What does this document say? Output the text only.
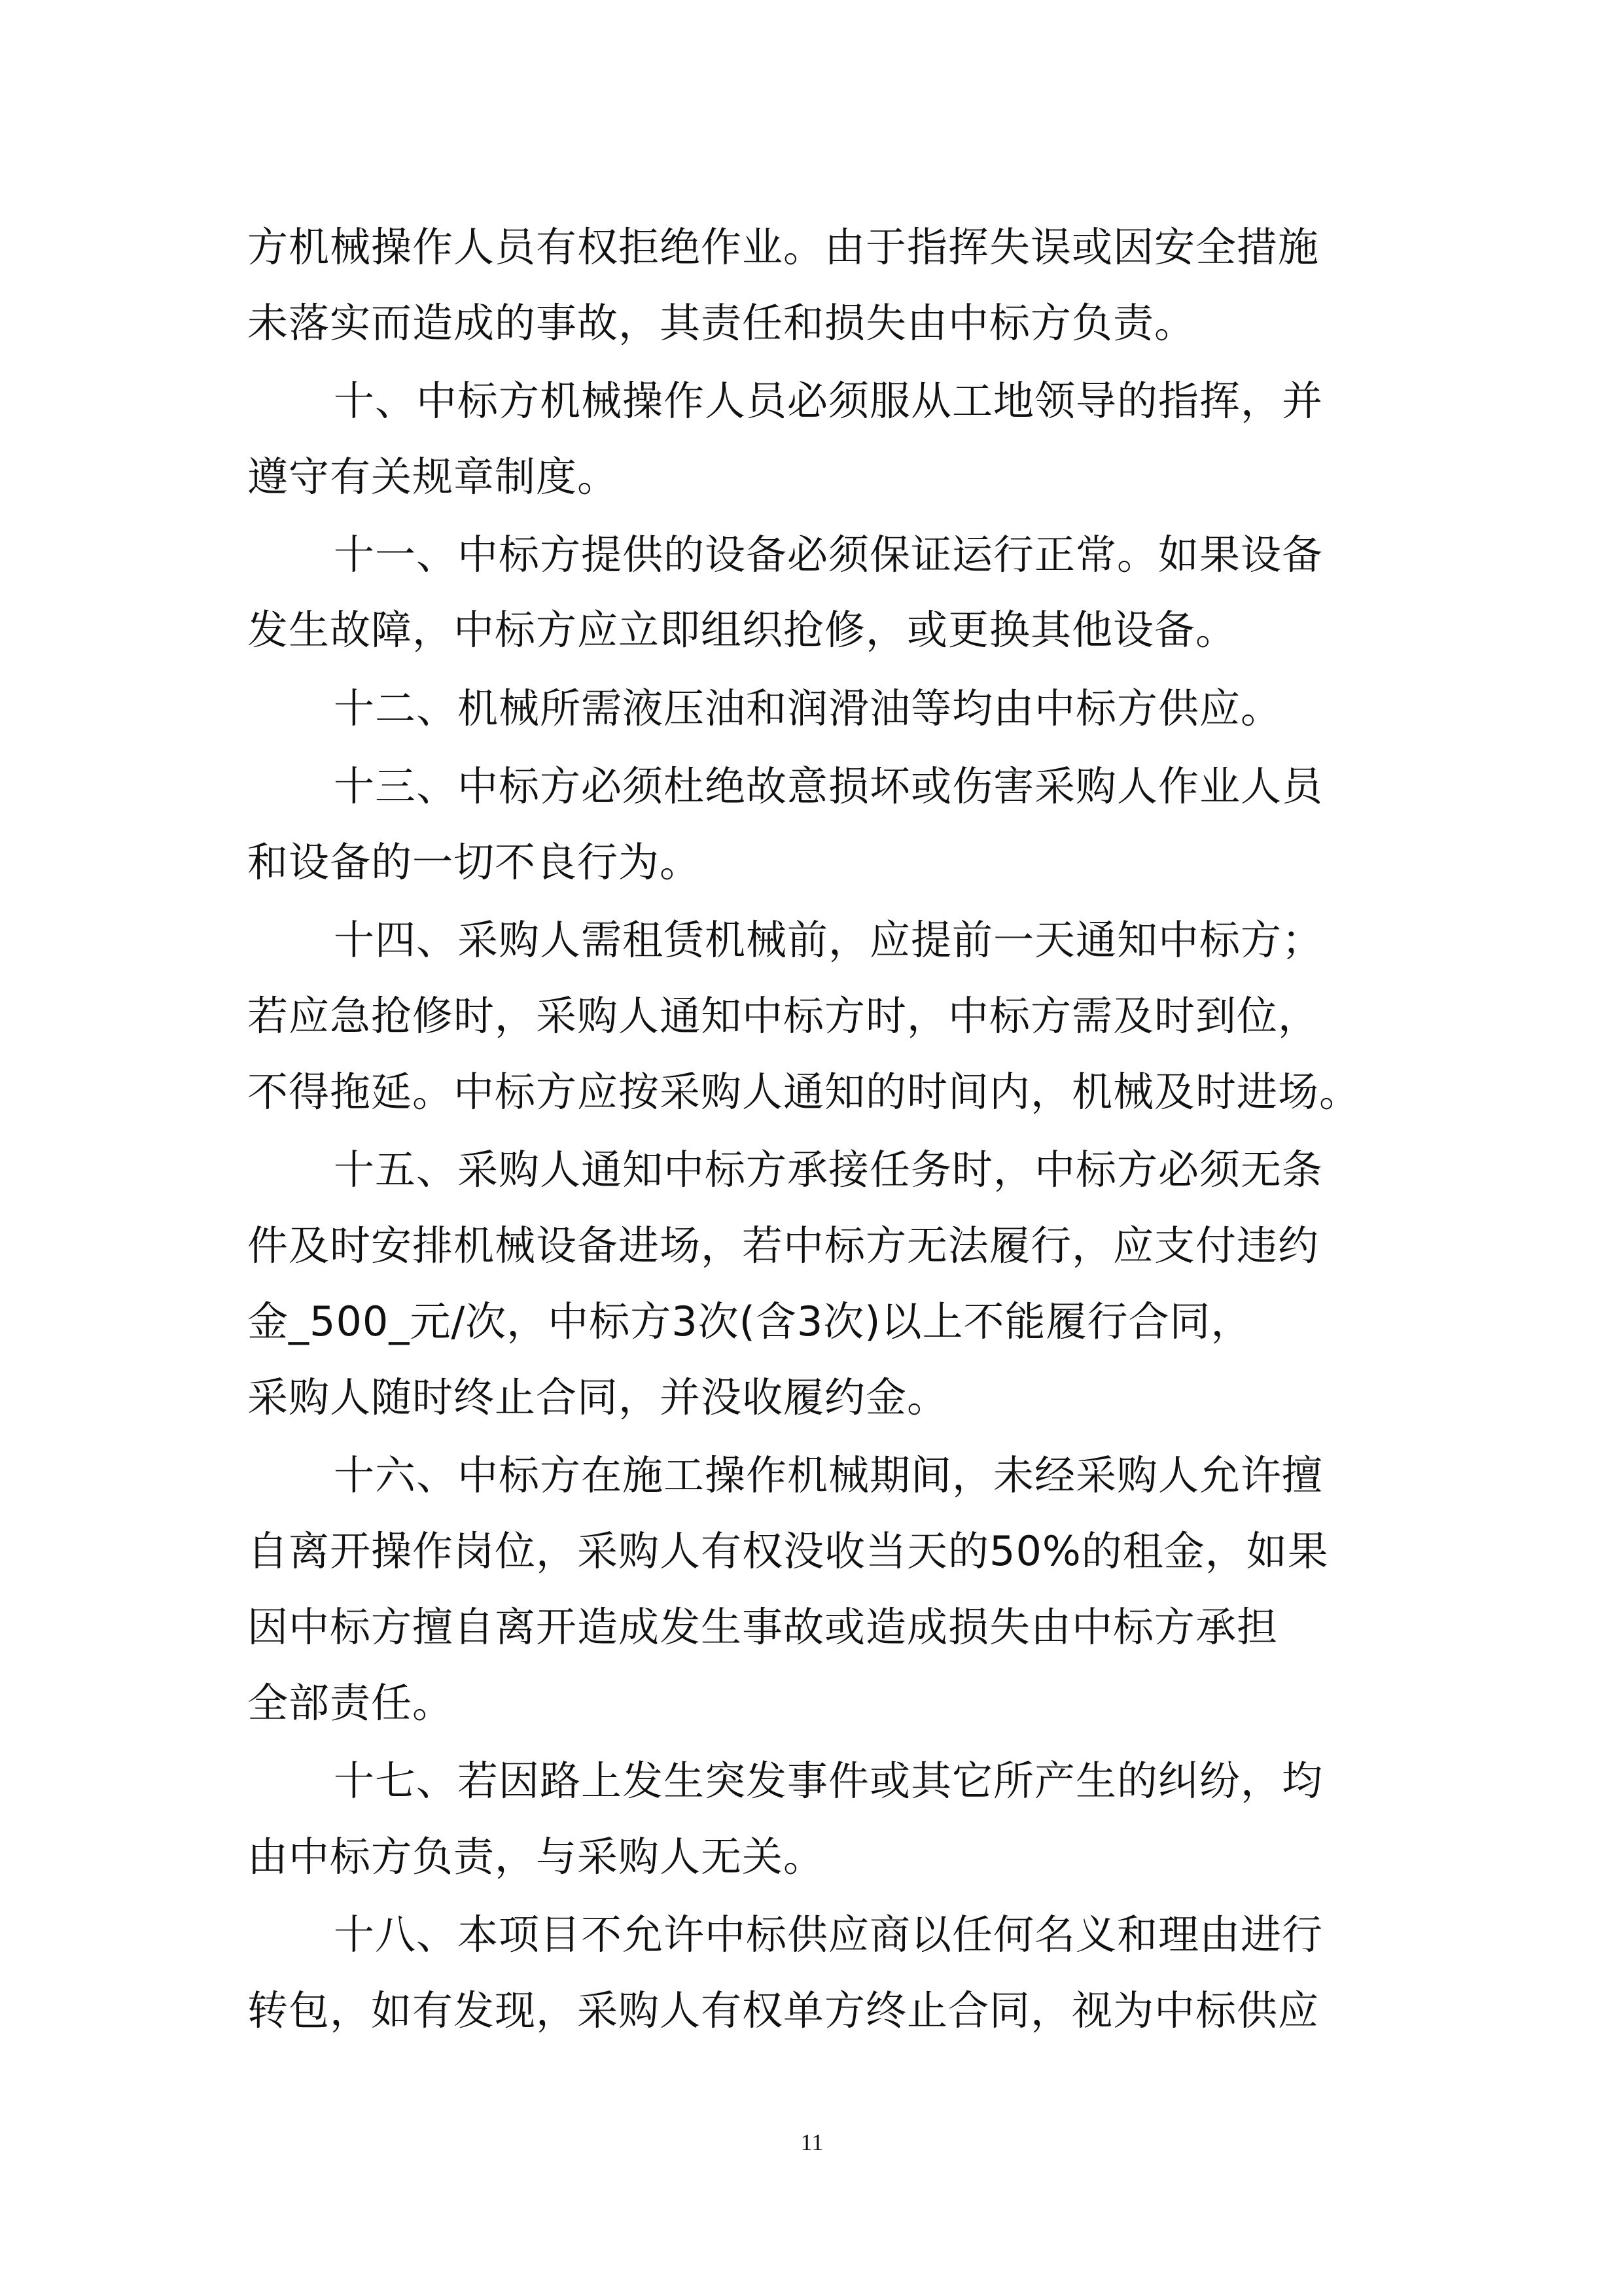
方机械操作人员有权拒绝作业。由于指挥失误或因安全措施

未落实而造成的事故，其责任和损失由中标方负责。

十、中标方机械操作人员必须服从工地领导的指挥，并

遵守有关规章制度。

十一、中标方提供的设备必须保证运行正常。如果设备

发生故障，中标方应立即组织抢修，或更换其他设备。

十二、机械所需液压油和润滑油等均由中标方供应。

十三、中标方必须杜绝故意损坏或伤害采购人作业人员

和设备的一切不良行为。

十四、采购人需租赁机械前，应提前一天通知中标方；

若应急抢修时，采购人通知中标方时，中标方需及时到位，

不得拖延。中标方应按采购人通知的时间内，机械及时进场。

十五、采购人通知中标方承接任务时，中标方必须无条

件及时安排机械设备进场，若中标方无法履行，应支付违约

金_500_元/次，中标方3次(含3次)以上不能履行合同，

采购人随时终止合同，并没收履约金。

十六、中标方在施工操作机械期间，未经采购人允许擅

自离开操作岗位，采购人有权没收当天的50%的租金，如果

因中标方擅自离开造成发生事故或造成损失由中标方承担

全部责任。

十七、若因路上发生突发事件或其它所产生的纠纷，均

由中标方负责，与采购人无关。

十八、本项目不允许中标供应商以任何名义和理由进行

转包，如有发现，采购人有权单方终止合同，视为中标供应

11
